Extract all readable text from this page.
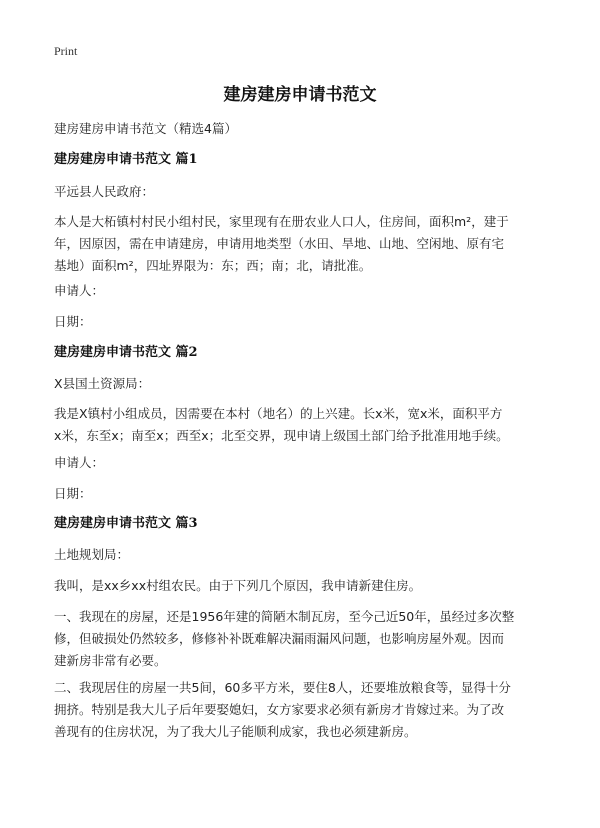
Print
建房建房申请书范文
建房建房申请书范文（精选4篇）
建房建房申请书范文 篇1
平远县人民政府：
本人是大柘镇村村民小组村民，家里现有在册农业人口人，住房间，面积m²，建于
年，因原因，需在申请建房，申请用地类型（水田、旱地、山地、空闲地、原有宅
基地）面积m²，四址界限为：东；西；南；北，请批准。
申请人：
日期：
建房建房申请书范文 篇2
X县国土资源局：
我是X镇村小组成员，因需要在本村（地名）的上兴建。长x米，宽x米，面积平方
x米，东至x；南至x；西至x；北至交界，现申请上级国土部门给予批准用地手续。
申请人：
日期：
建房建房申请书范文 篇3
土地规划局：
我叫，是xx乡xx村组农民。由于下列几个原因，我申请新建住房。
一、我现在的房屋，还是1956年建的简陋木制瓦房，至今己近50年，虽经过多次整
修，但破损处仍然较多，修修补补既难解决漏雨漏风问题，也影响房屋外观。因而
建新房非常有必要。
二、我现居住的房屋一共5间，60多平方米，要住8人，还要堆放粮食等，显得十分
拥挤。特别是我大儿子后年要娶媳妇，女方家要求必须有新房才肯嫁过来。为了改
善现有的住房状况，为了我大儿子能顺利成家，我也必须建新房。
